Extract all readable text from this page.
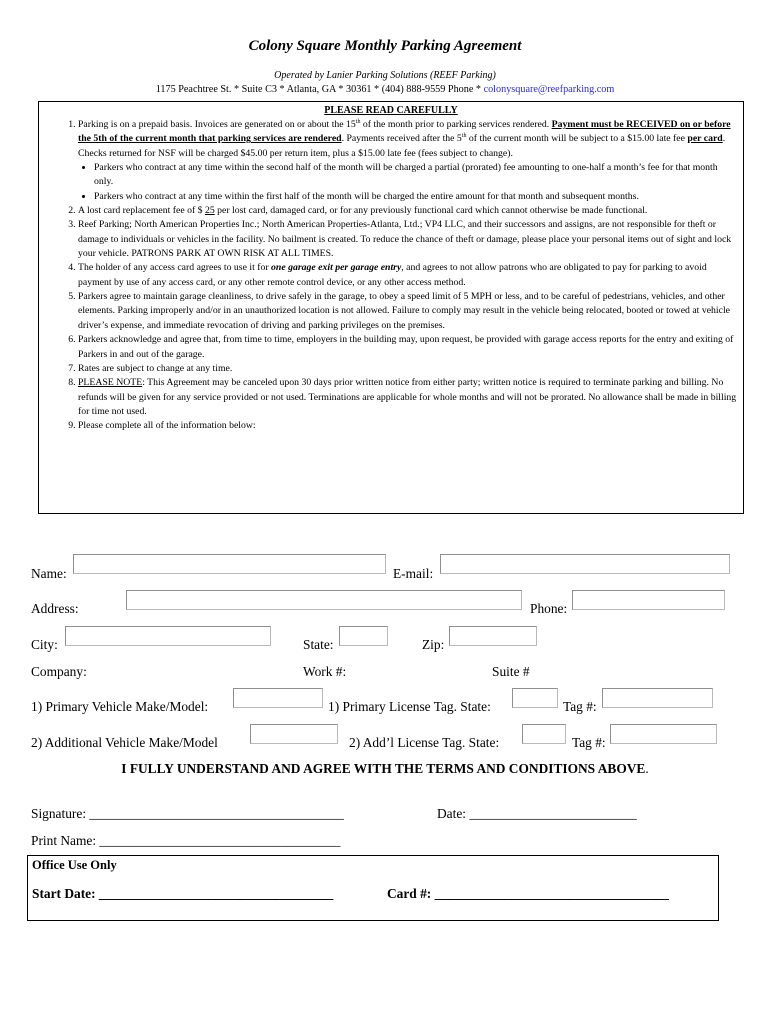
Colony Square Monthly Parking Agreement
Operated by Lanier Parking Solutions (REEF Parking)
1175 Peachtree St. * Suite C3 * Atlanta, GA * 30361 * (404) 888-9559 Phone * colonysquare@reefparking.com
PLEASE READ CAREFULLY
1. Parking is on a prepaid basis. Invoices are generated on or about the 15th of the month prior to parking services rendered. Payment must be RECEIVED on or before the 5th of the current month that parking services are rendered. Payments received after the 5th of the current month will be subject to a $15.00 late fee per card. Checks returned for NSF will be charged $45.00 per return item, plus a $15.00 late fee (fees subject to change).
• Parkers who contract at any time within the second half of the month will be charged a partial (prorated) fee amounting to one-half a month’s fee for that month only.
• Parkers who contract at any time within the first half of the month will be charged the entire amount for that month and subsequent months.
2. A lost card replacement fee of $ 25 per lost card, damaged card, or for any previously functional card which cannot otherwise be made functional.
3. Reef Parking; North American Properties Inc.; North American Properties-Atlanta, Ltd.; VP4 LLC, and their successors and assigns, are not responsible for theft or damage to individuals or vehicles in the facility. No bailment is created. To reduce the chance of theft or damage, please place your personal items out of sight and lock your vehicle. PATRONS PARK AT OWN RISK AT ALL TIMES.
4. The holder of any access card agrees to use it for one garage exit per garage entry, and agrees to not allow patrons who are obligated to pay for parking to avoid payment by use of any access card, or any other remote control device, or any other access method.
5. Parkers agree to maintain garage cleanliness, to drive safely in the garage, to obey a speed limit of 5 MPH or less, and to be careful of pedestrians, vehicles, and other elements. Parking improperly and/or in an unauthorized location is not allowed. Failure to comply may result in the vehicle being relocated, booted or towed at vehicle driver’s expense, and immediate revocation of driving and parking privileges on the premises.
6. Parkers acknowledge and agree that, from time to time, employers in the building may, upon request, be provided with garage access reports for the entry and exiting of Parkers in and out of the garage.
7. Rates are subject to change at any time.
8. PLEASE NOTE: This Agreement may be canceled upon 30 days prior written notice from either party; written notice is required to terminate parking and billing. No refunds will be given for any service provided or not used. Terminations are applicable for whole months and will not be prorated. No allowance shall be made in billing for time not used.
9. Please complete all of the information below:
Name:	E-mail:
Address:	Phone:
City:	State:	Zip:
Company:	Work #:	Suite #
1) Primary Vehicle Make/Model:	1) Primary License Tag. State:	Tag #:
2) Additional Vehicle Make/Model	2) Add’l License Tag. State:	Tag #:
I FULLY UNDERSTAND AND AGREE WITH THE TERMS AND CONDITIONS ABOVE.
Signature: ______________________________________	Date: _________________________
Print Name: ____________________________________
Office Use Only
Start Date: ___________________________________	Card #: ___________________________________
